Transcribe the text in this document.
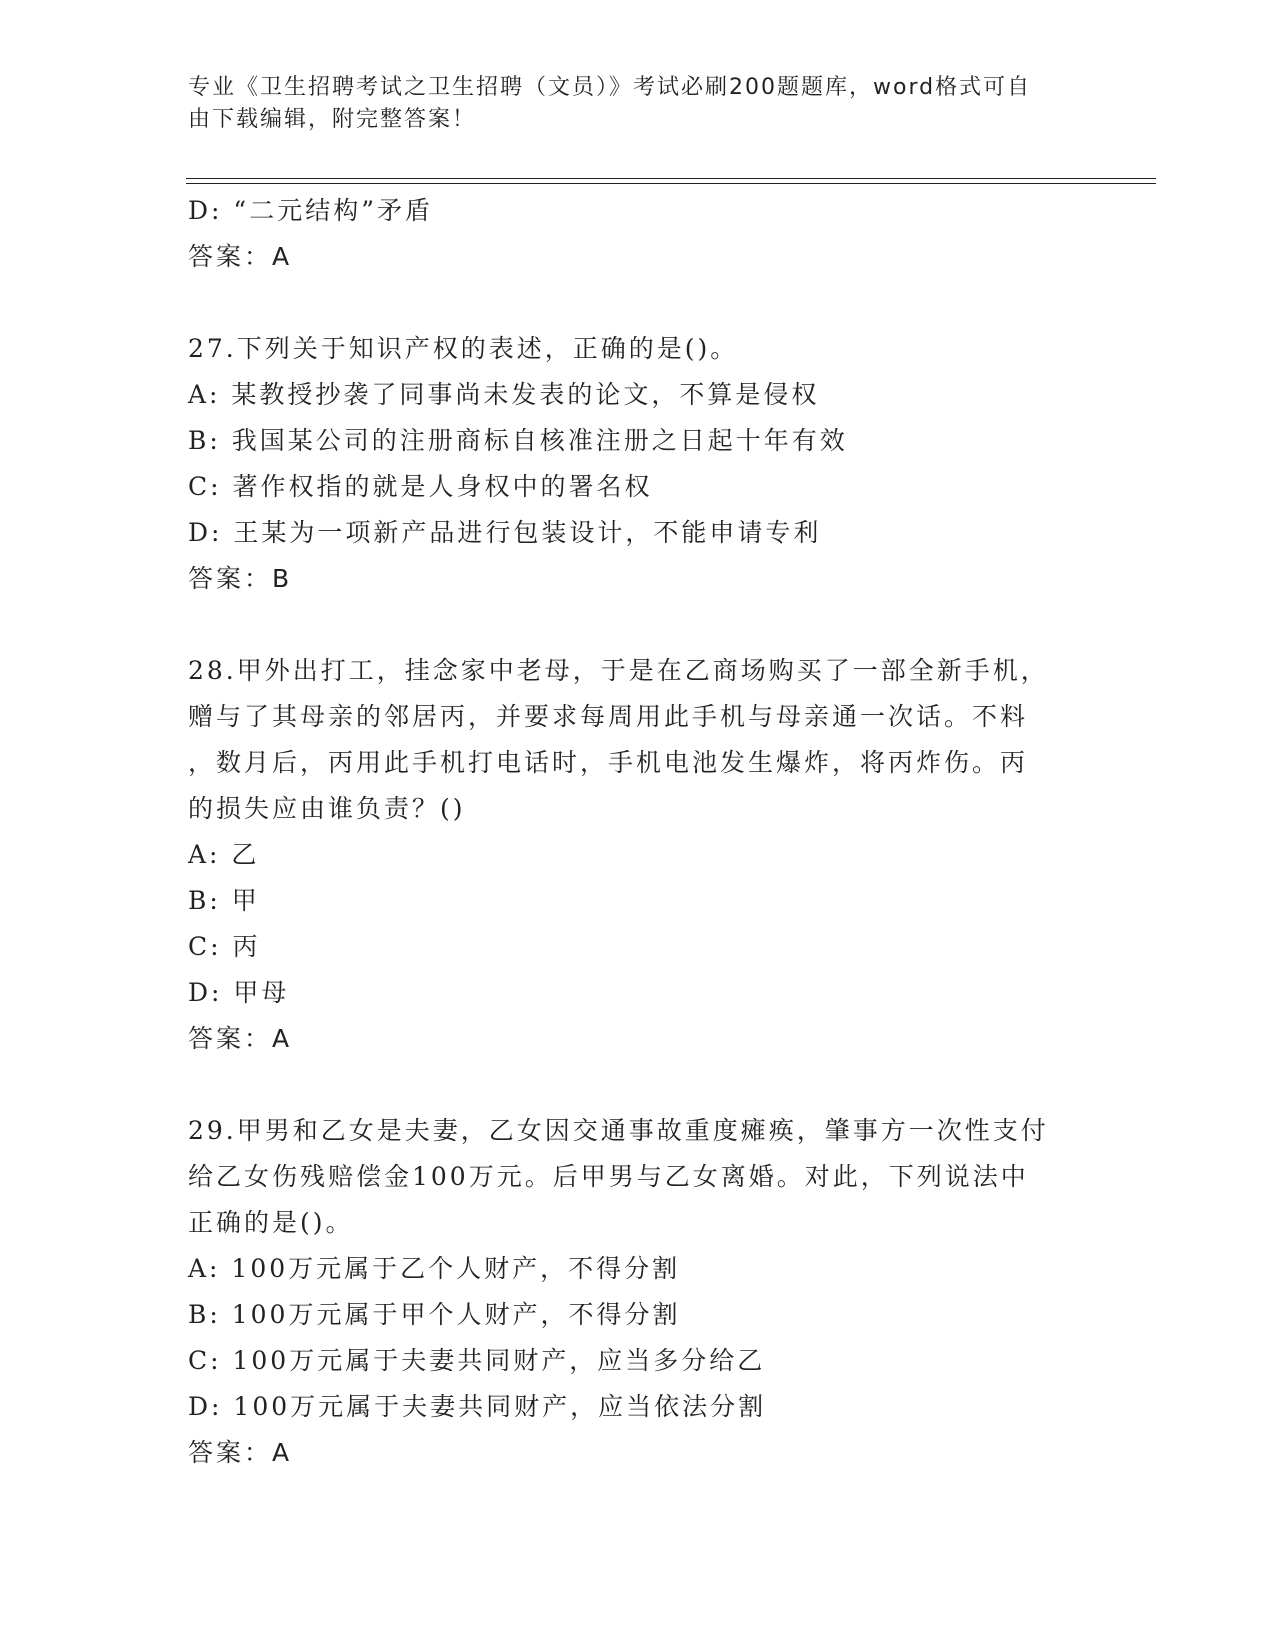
专业《卫生招聘考试之卫生招聘（文员）》考试必刷200题题库，word格式可自
由下载编辑，附完整答案！
D: “二元结构”矛盾
答案：A
27.下列关于知识产权的表述，正确的是()。
A: 某教授抄袭了同事尚未发表的论文，不算是侵权
B: 我国某公司的注册商标自核准注册之日起十年有效
C: 著作权指的就是人身权中的署名权
D: 王某为一项新产品进行包装设计，不能申请专利
答案：B
28.甲外出打工，挂念家中老母，于是在乙商场购买了一部全新手机，
赠与了其母亲的邻居丙，并要求每周用此手机与母亲通一次话。不料
，数月后，丙用此手机打电话时，手机电池发生爆炸，将丙炸伤。丙
的损失应由谁负责？()
A: 乙
B: 甲
C: 丙
D: 甲母
答案：A
29.甲男和乙女是夫妻，乙女因交通事故重度瘫痪，肇事方一次性支付
给乙女伤残赔偿金100万元。后甲男与乙女离婚。对此，下列说法中
正确的是()。
A: 100万元属于乙个人财产，不得分割
B: 100万元属于甲个人财产，不得分割
C: 100万元属于夫妻共同财产，应当多分给乙
D: 100万元属于夫妻共同财产，应当依法分割
答案：A
